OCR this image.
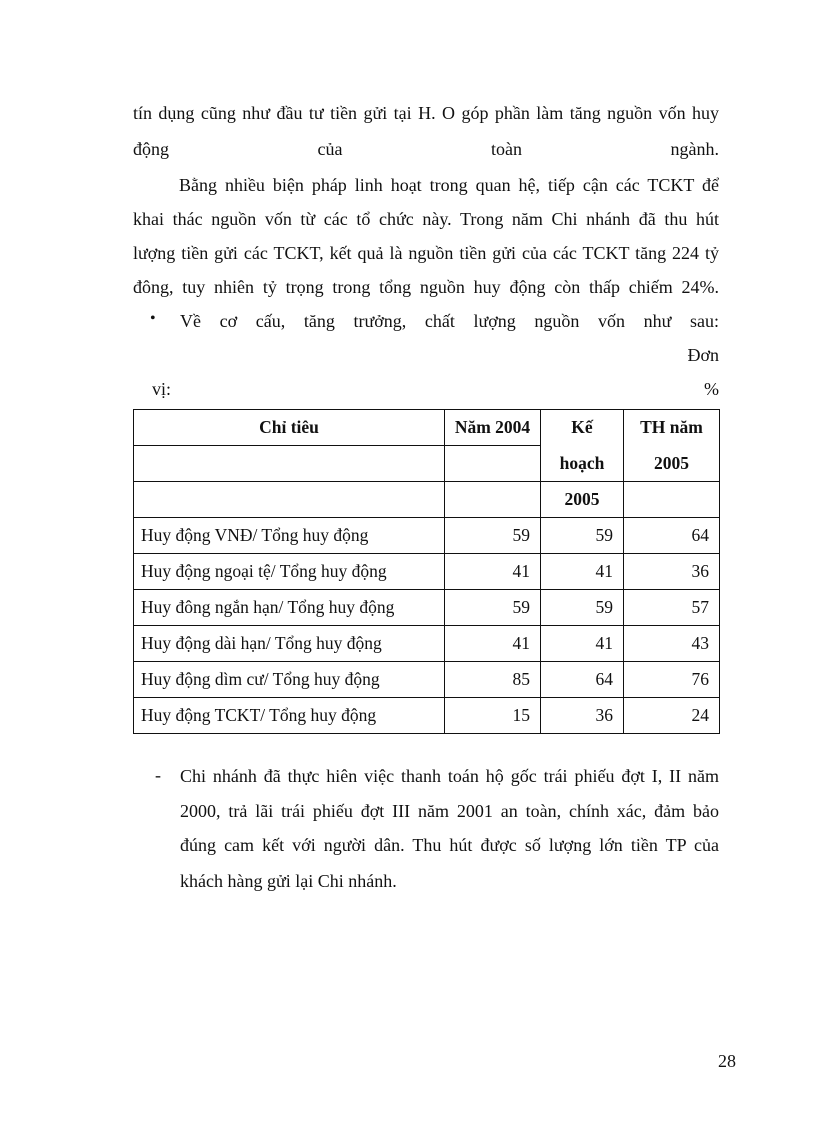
tín dụng cũng như đầu tư tiền gửi tại H. O góp phần làm tăng nguồn vốn huy
động	của	toàn	ngành.
Bằng nhiều biện pháp linh hoạt trong quan hệ, tiếp cận các TCKT để
khai thác nguồn vốn từ các tổ chức này. Trong năm Chi nhánh đã thu hút
lượng tiền gửi các TCKT, kết quả là nguồn tiền gửi của các TCKT tăng 224 tỷ
đông, tuy nhiên tỷ trọng trong tổng nguồn huy động còn thấp chiếm 24%.
• Về cơ cấu, tăng trưởng, chất lượng nguồn vốn như sau:
Đơn
vị:	%
Chỉ tiêu	Năm 2004	Kế	TH năm
		hoạch	2005
		2005	
Huy động VNĐ/ Tổng huy động	59	59	64
Huy động ngoại tệ/ Tổng huy động	41	41	36
Huy đông ngắn hạn/ Tổng huy động	59	59	57
Huy động dài hạn/ Tổng huy động	41	41	43
Huy động dìm cư/ Tổng huy động	85	64	76
Huy động TCKT/ Tổng huy động	15	36	24
- Chi nhánh đã thực hiên việc thanh toán hộ gốc trái phiếu đợt I, II năm
2000, trả lãi trái phiếu đợt III năm 2001 an toàn, chính xác, đảm bảo
đúng cam kết với người dân. Thu hút được số lượng lớn tiền TP của
khách hàng gửi lại Chi nhánh.
28
